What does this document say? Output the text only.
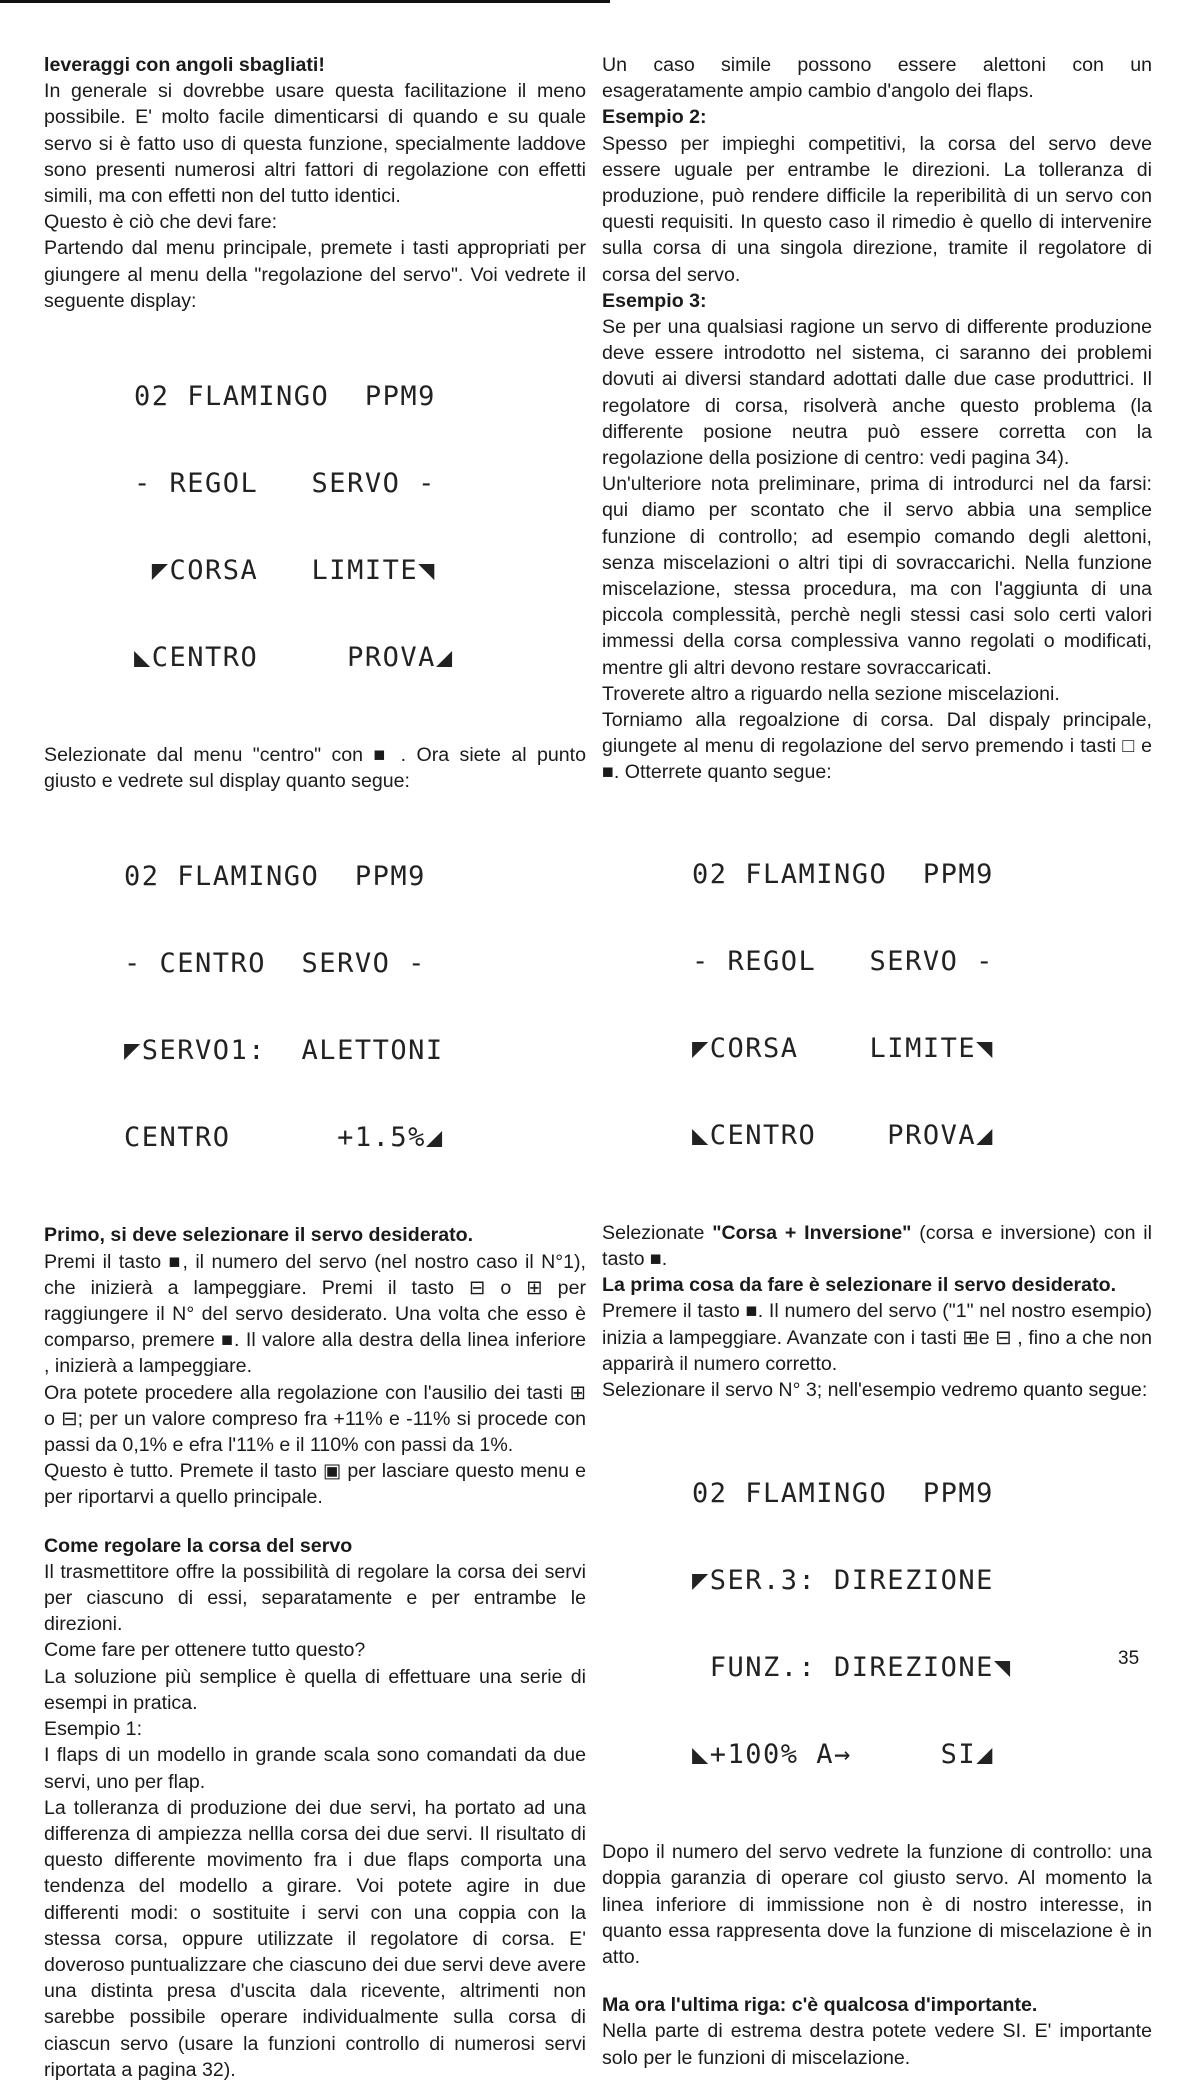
leveraggi con angoli sbagliati!

In generale si dovrebbe usare questa facilitazione il meno possibile. E' molto facile dimenticarsi di quando e su quale servo si è fatto uso di questa funzione, specialmente laddove sono presenti numerosi altri fattori di regolazione con effetti simili, ma con effetti non del tutto identici.

Questo è ciò che devi fare:

Partendo dal menu principale, premete i tasti appropriati per giungere al menu della "regolazione del servo". Voi vedrete il seguente display:

02 FLAMINGO  PPM9

- REGOL   SERVO -

◤CORSA   LIMITE◥

◣CENTRO     PROVA◢

Selezionate dal menu "centro" con ■ . Ora siete al punto giusto e vedrete sul display quanto segue:

02 FLAMINGO  PPM9

- CENTRO  SERVO -

◤SERVO1:  ALETTONI

CENTRO      +1.5%◢

Primo, si deve selezionare il servo desiderato.

Premi il tasto ■, il numero del servo (nel nostro caso il N°1), che inizierà a lampeggiare. Premi il tasto ⊟ o ⊞ per raggiungere il N° del servo desiderato. Una volta che esso è comparso, premere ■. Il valore alla destra della linea inferiore , inizierà a lampeggiare.

Ora potete procedere alla regolazione con l'ausilio dei tasti ⊞ o ⊟; per un valore compreso fra +11% e -11% si procede con passi da 0,1% e efra l'11% e il 110% con passi da 1%.

Questo è tutto. Premete il tasto ▣ per lasciare questo menu e per riportarvi a quello principale.

Come regolare la corsa del servo

Il trasmettitore offre la possibilità di regolare la corsa dei servi per ciascuno di essi, separatamente e per entrambe le direzioni.

Come fare per ottenere tutto questo?

La soluzione più semplice è quella di effettuare una serie di esempi in pratica.

Esempio 1:

I flaps di un modello in grande scala sono comandati da due servi, uno per flap.

La tolleranza di produzione dei due servi, ha portato ad una differenza di ampiezza nellla corsa dei due servi. Il risultato di questo differente movimento fra i due flaps comporta una tendenza del modello a girare. Voi potete agire in due differenti modi: o sostituite i servi con una coppia con la stessa corsa, oppure utilizzate il regolatore di corsa. E' doveroso puntualizzare che ciascuno dei due servi deve avere una distinta presa d'uscita dala ricevente, altrimenti non sarebbe possibile operare individualmente sulla corsa di ciascun servo (usare la funzioni controllo di numerosi servi riportata a pagina 32).

Un caso simile possono essere alettoni con un esageratamente ampio cambio d'angolo dei flaps.

Esempio 2:

Spesso per impieghi competitivi, la corsa del servo deve essere uguale per entrambe le direzioni. La tolleranza di produzione, può rendere difficile la reperibilità di un servo con questi requisiti. In questo caso il rimedio è quello di intervenire sulla corsa di una singola direzione, tramite il regolatore di corsa del servo.

Esempio 3:

Se per una qualsiasi ragione un servo di differente produzione deve essere introdotto nel sistema, ci saranno dei problemi dovuti ai diversi standard adottati dalle due case produttrici. Il regolatore di corsa, risolverà anche questo problema (la differente posione neutra può essere corretta con la regolazione della posizione di centro: vedi pagina 34).

Un'ulteriore nota preliminare, prima di introdurci nel da farsi: qui diamo per scontato che il servo abbia una semplice funzione di controllo; ad esempio comando degli alettoni, senza miscelazioni o altri tipi di sovraccarichi. Nella funzione miscelazione, stessa procedura, ma con l'aggiunta di una piccola complessità, perchè negli stessi casi solo certi valori immessi della corsa complessiva vanno regolati o modificati, mentre gli altri devono restare sovraccaricati.

Troverete altro a riguardo nella sezione miscelazioni.

Torniamo alla regoalzione di corsa. Dal dispaly principale, giungete al menu di regolazione del servo premendo i tasti □ e ■. Otterrete quanto segue:

02 FLAMINGO  PPM9

- REGOL   SERVO -

◤CORSA    LIMITE◥

◣CENTRO    PROVA◢

Selezionate "Corsa + Inversione" (corsa e inversione) con il tasto ■.

La prima cosa da fare è selezionare il servo desiderato.

Premere il tasto ■. Il numero del servo ("1" nel nostro esempio) inizia a lampeggiare. Avanzate con i tasti ⊞e ⊟ , fino a che non apparirà il numero corretto.

Selezionare il servo N° 3; nell'esempio vedremo quanto segue:

02 FLAMINGO  PPM9

◤SER.3: DIREZIONE

FUNZ.: DIREZIONE◥

◣+100% A→     SI◢

Dopo il numero del servo vedrete la funzione di controllo: una doppia garanzia di operare col giusto servo. Al momento la linea inferiore di immissione non è di nostro interesse, in quanto essa rappresenta dove la funzione di miscelazione è in atto.

Ma ora l'ultima riga: c'è qualcosa d'importante.

Nella parte di estrema destra potete vedere SI. E' importante solo per le funzioni di miscelazione.

35
